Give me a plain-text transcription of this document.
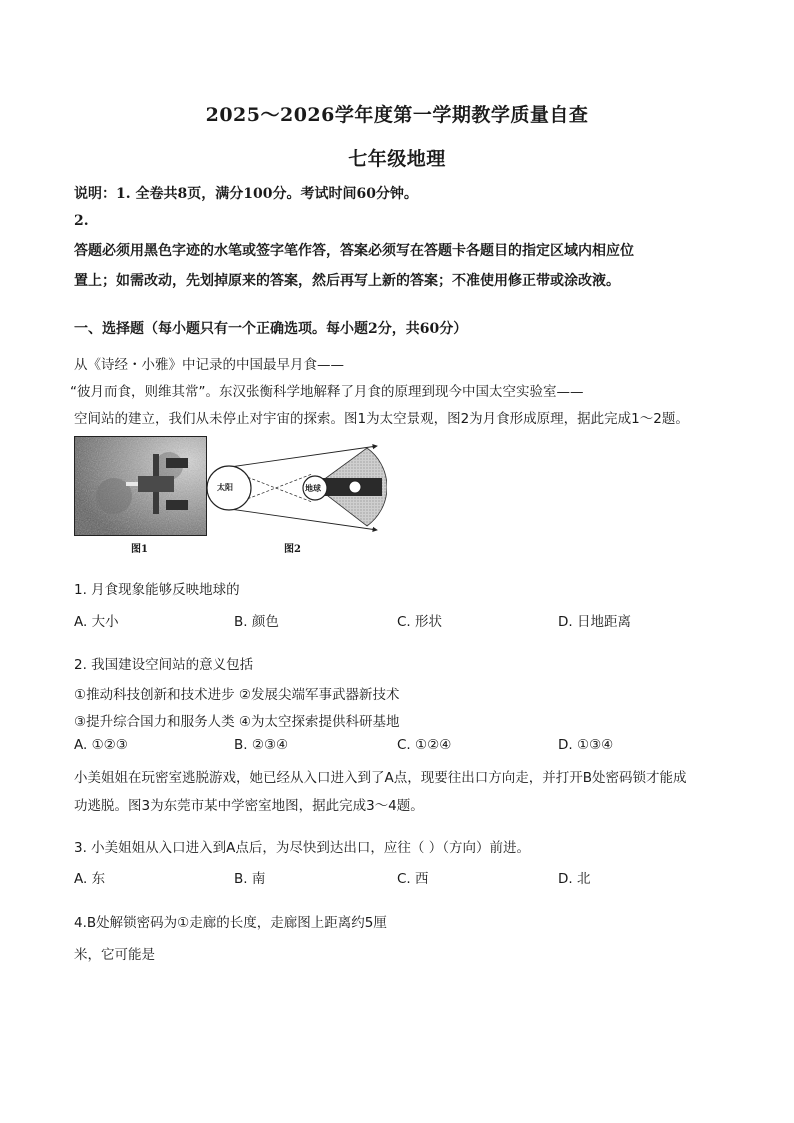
2025～2026学年度第一学期教学质量自查
七年级地理
说明：1. 全卷共8页，满分100分。考试时间60分钟。
2.
答题必须用黑色字迹的水笔或签字笔作答，答案必须写在答题卡各题目的指定区域内相应位
置上；如需改动，先划掉原来的答案，然后再写上新的答案；不准使用修正带或涂改液。
一、选择题（每小题只有一个正确选项。每小题2分，共60分）
从《诗经・小雅》中记录的中国最早月食——
“彼月而食，则维其常”。东汉张衡科学地解释了月食的原理到现今中国太空实验室——
空间站的建立，我们从未停止对宇宙的探索。图1为太空景观，图2为月食形成原理，据此完成1～2题。
图1
太阳	地球
图2
1. 月食现象能够反映地球的
A. 大小	B. 颜色	C. 形状	D. 日地距离
2. 我国建设空间站的意义包括
①推动科技创新和技术进步 ②发展尖端军事武器新技术
③提升综合国力和服务人类 ④为太空探索提供科研基地
A. ①②③	B. ②③④	C. ①②④	D. ①③④
小美姐姐在玩密室逃脱游戏，她已经从入口进入到了A点，现要往出口方向走，并打开B处密码锁才能成
功逃脱。图3为东莞市某中学密室地图，据此完成3～4题。
3. 小美姐姐从入口进入到A点后，为尽快到达出口，应往（ ）（方向）前进。
A. 东	B. 南	C. 西	D. 北
4.B处解锁密码为①走廊的长度，走廊图上距离约5厘
米，它可能是
